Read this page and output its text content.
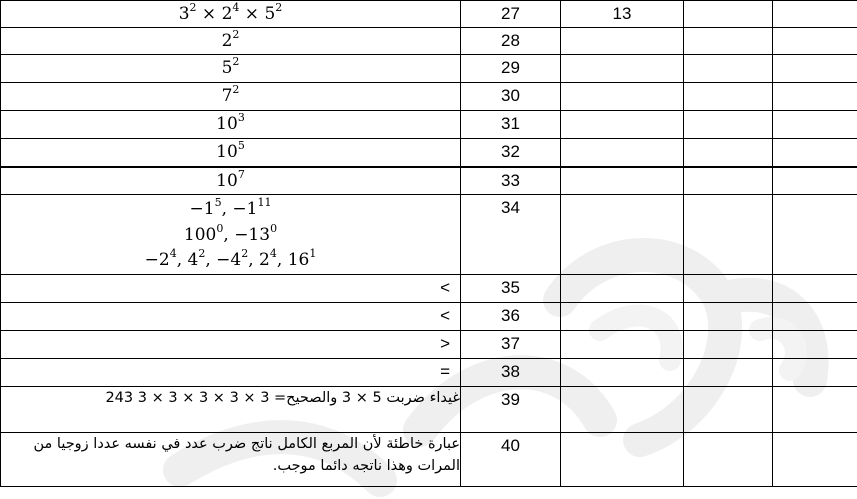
$3^2 \times 2^4 \times 5^2$	27	13		

$2^2$	28			

$5^2$	29			

$7^2$	30			

$10^3$	31			

$10^5$	32			

$10^7$	33			

$-1^5$, $-1^{11}$
$100^0$, $-13^0$
$-2^4$, $4^2$, $-4^2$, $2^4$, $16^1$	34			
<	35			
<	36			
>	37			
=	38			
غيداء ضربت 5 × 3 والصحيح= 3 × 3 × 3 × 3 × 3 243	39			
عبارة خاطئة لأن المربع الكامل ناتج ضرب عدد في نفسه عددا زوجيا من المرات وهذا ناتجه دائما موجب.	40			
